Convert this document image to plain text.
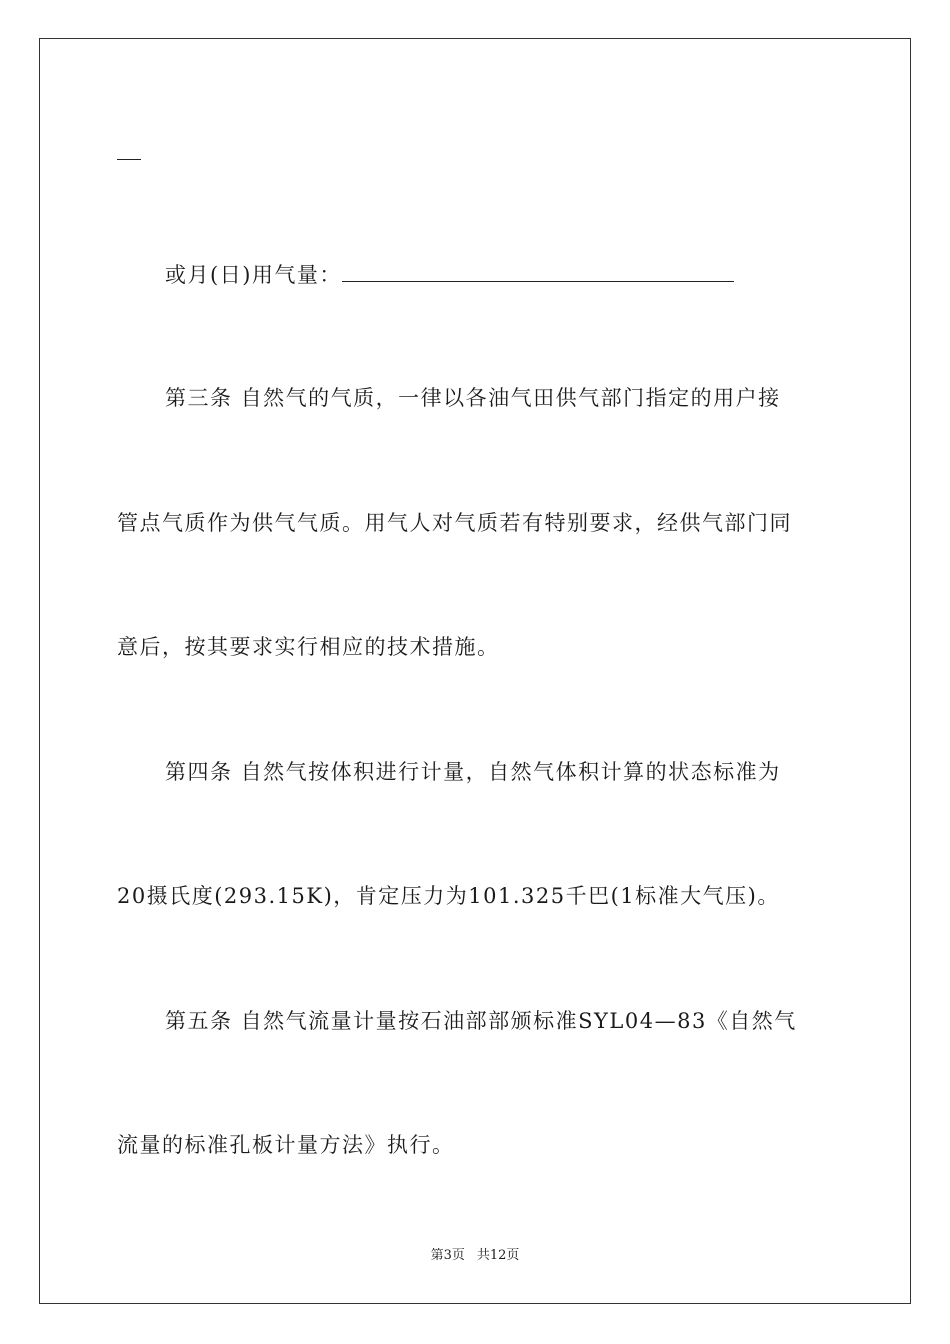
或月(日)用气量：
第三条 自然气的气质，一律以各油气田供气部门指定的用户接
管点气质作为供气气质。用气人对气质若有特别要求，经供气部门同
意后，按其要求实行相应的技术措施。
第四条 自然气按体积进行计量，自然气体积计算的状态标准为
20摄氏度(293.15K)，肯定压力为101.325千巴(1标准大气压)。
第五条 自然气流量计量按石油部部颁标准SYL04—83《自然气
流量的标准孔板计量方法》执行。
第3页 共12页
